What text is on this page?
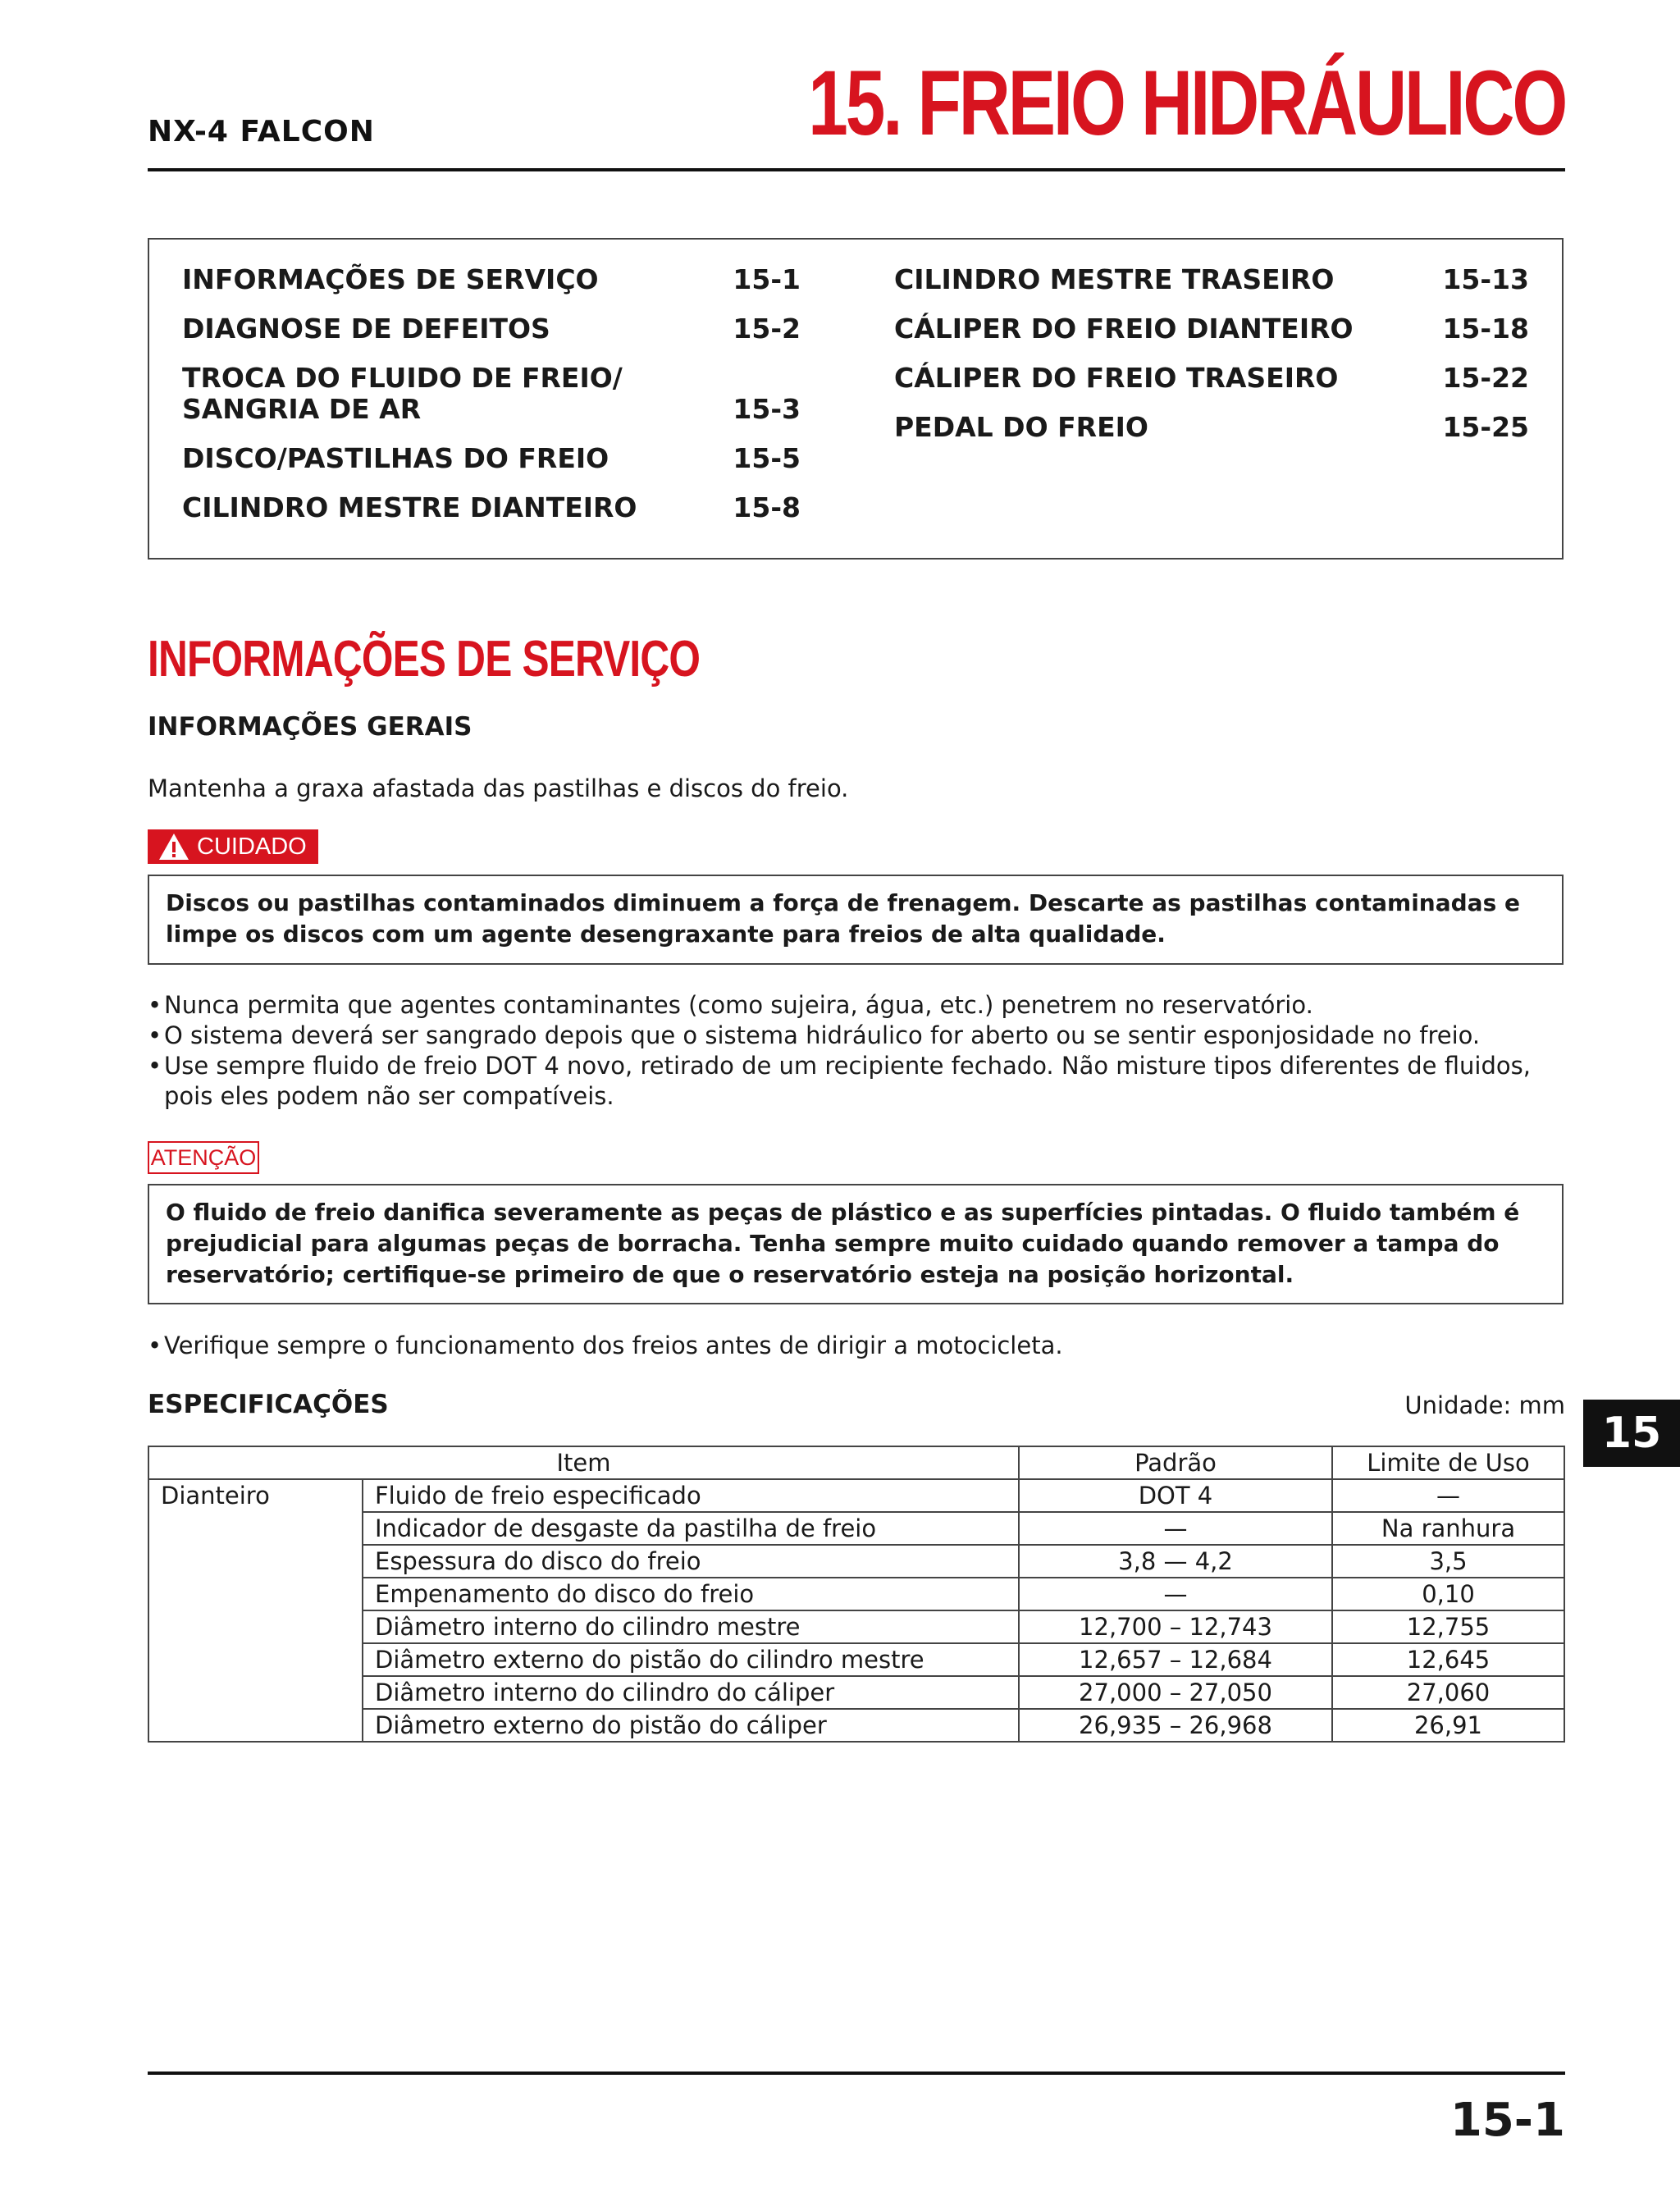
NX-4 FALCON	15. FREIO HIDRÁULICO
INFORMAÇÕES DE SERVIÇO	15-1
DIAGNOSE DE DEFEITOS	15-2
TROCA DO FLUIDO DE FREIO/
SANGRIA DE AR	15-3
DISCO/PASTILHAS DO FREIO	15-5
CILINDRO MESTRE DIANTEIRO	15-8
CILINDRO MESTRE TRASEIRO	15-13
CÁLIPER DO FREIO DIANTEIRO	15-18
CÁLIPER DO FREIO TRASEIRO	15-22
PEDAL DO FREIO	15-25
INFORMAÇÕES DE SERVIÇO
INFORMAÇÕES GERAIS
Mantenha a graxa afastada das pastilhas e discos do freio.
CUIDADO
Discos ou pastilhas contaminados diminuem a força de frenagem. Descarte as pastilhas contaminadas e limpe os discos com um agente desengraxante para freios de alta qualidade.
• Nunca permita que agentes contaminantes (como sujeira, água, etc.) penetrem no reservatório.
• O sistema deverá ser sangrado depois que o sistema hidráulico for aberto ou se sentir esponjosidade no freio.
• Use sempre fluido de freio DOT 4 novo, retirado de um recipiente fechado. Não misture tipos diferentes de fluidos, pois eles podem não ser compatíveis.
ATENÇÃO
O fluido de freio danifica severamente as peças de plástico e as superfícies pintadas. O fluido também é prejudicial para algumas peças de borracha. Tenha sempre muito cuidado quando remover a tampa do reservatório; certifique-se primeiro de que o reservatório esteja na posição horizontal.
• Verifique sempre o funcionamento dos freios antes de dirigir a motocicleta.
ESPECIFICAÇÕES	Unidade: mm
15
Item		Padrão	Limite de Uso
Dianteiro	Fluido de freio especificado	DOT 4	—
	Indicador de desgaste da pastilha de freio	—	Na ranhura
	Espessura do disco do freio	3,8 — 4,2	3,5
	Empenamento do disco do freio	—	0,10
	Diâmetro interno do cilindro mestre	12,700 – 12,743	12,755
	Diâmetro externo do pistão do cilindro mestre	12,657 – 12,684	12,645
	Diâmetro interno do cilindro do cáliper	27,000 – 27,050	27,060
	Diâmetro externo do pistão do cáliper	26,935 – 26,968	26,91
15-1
